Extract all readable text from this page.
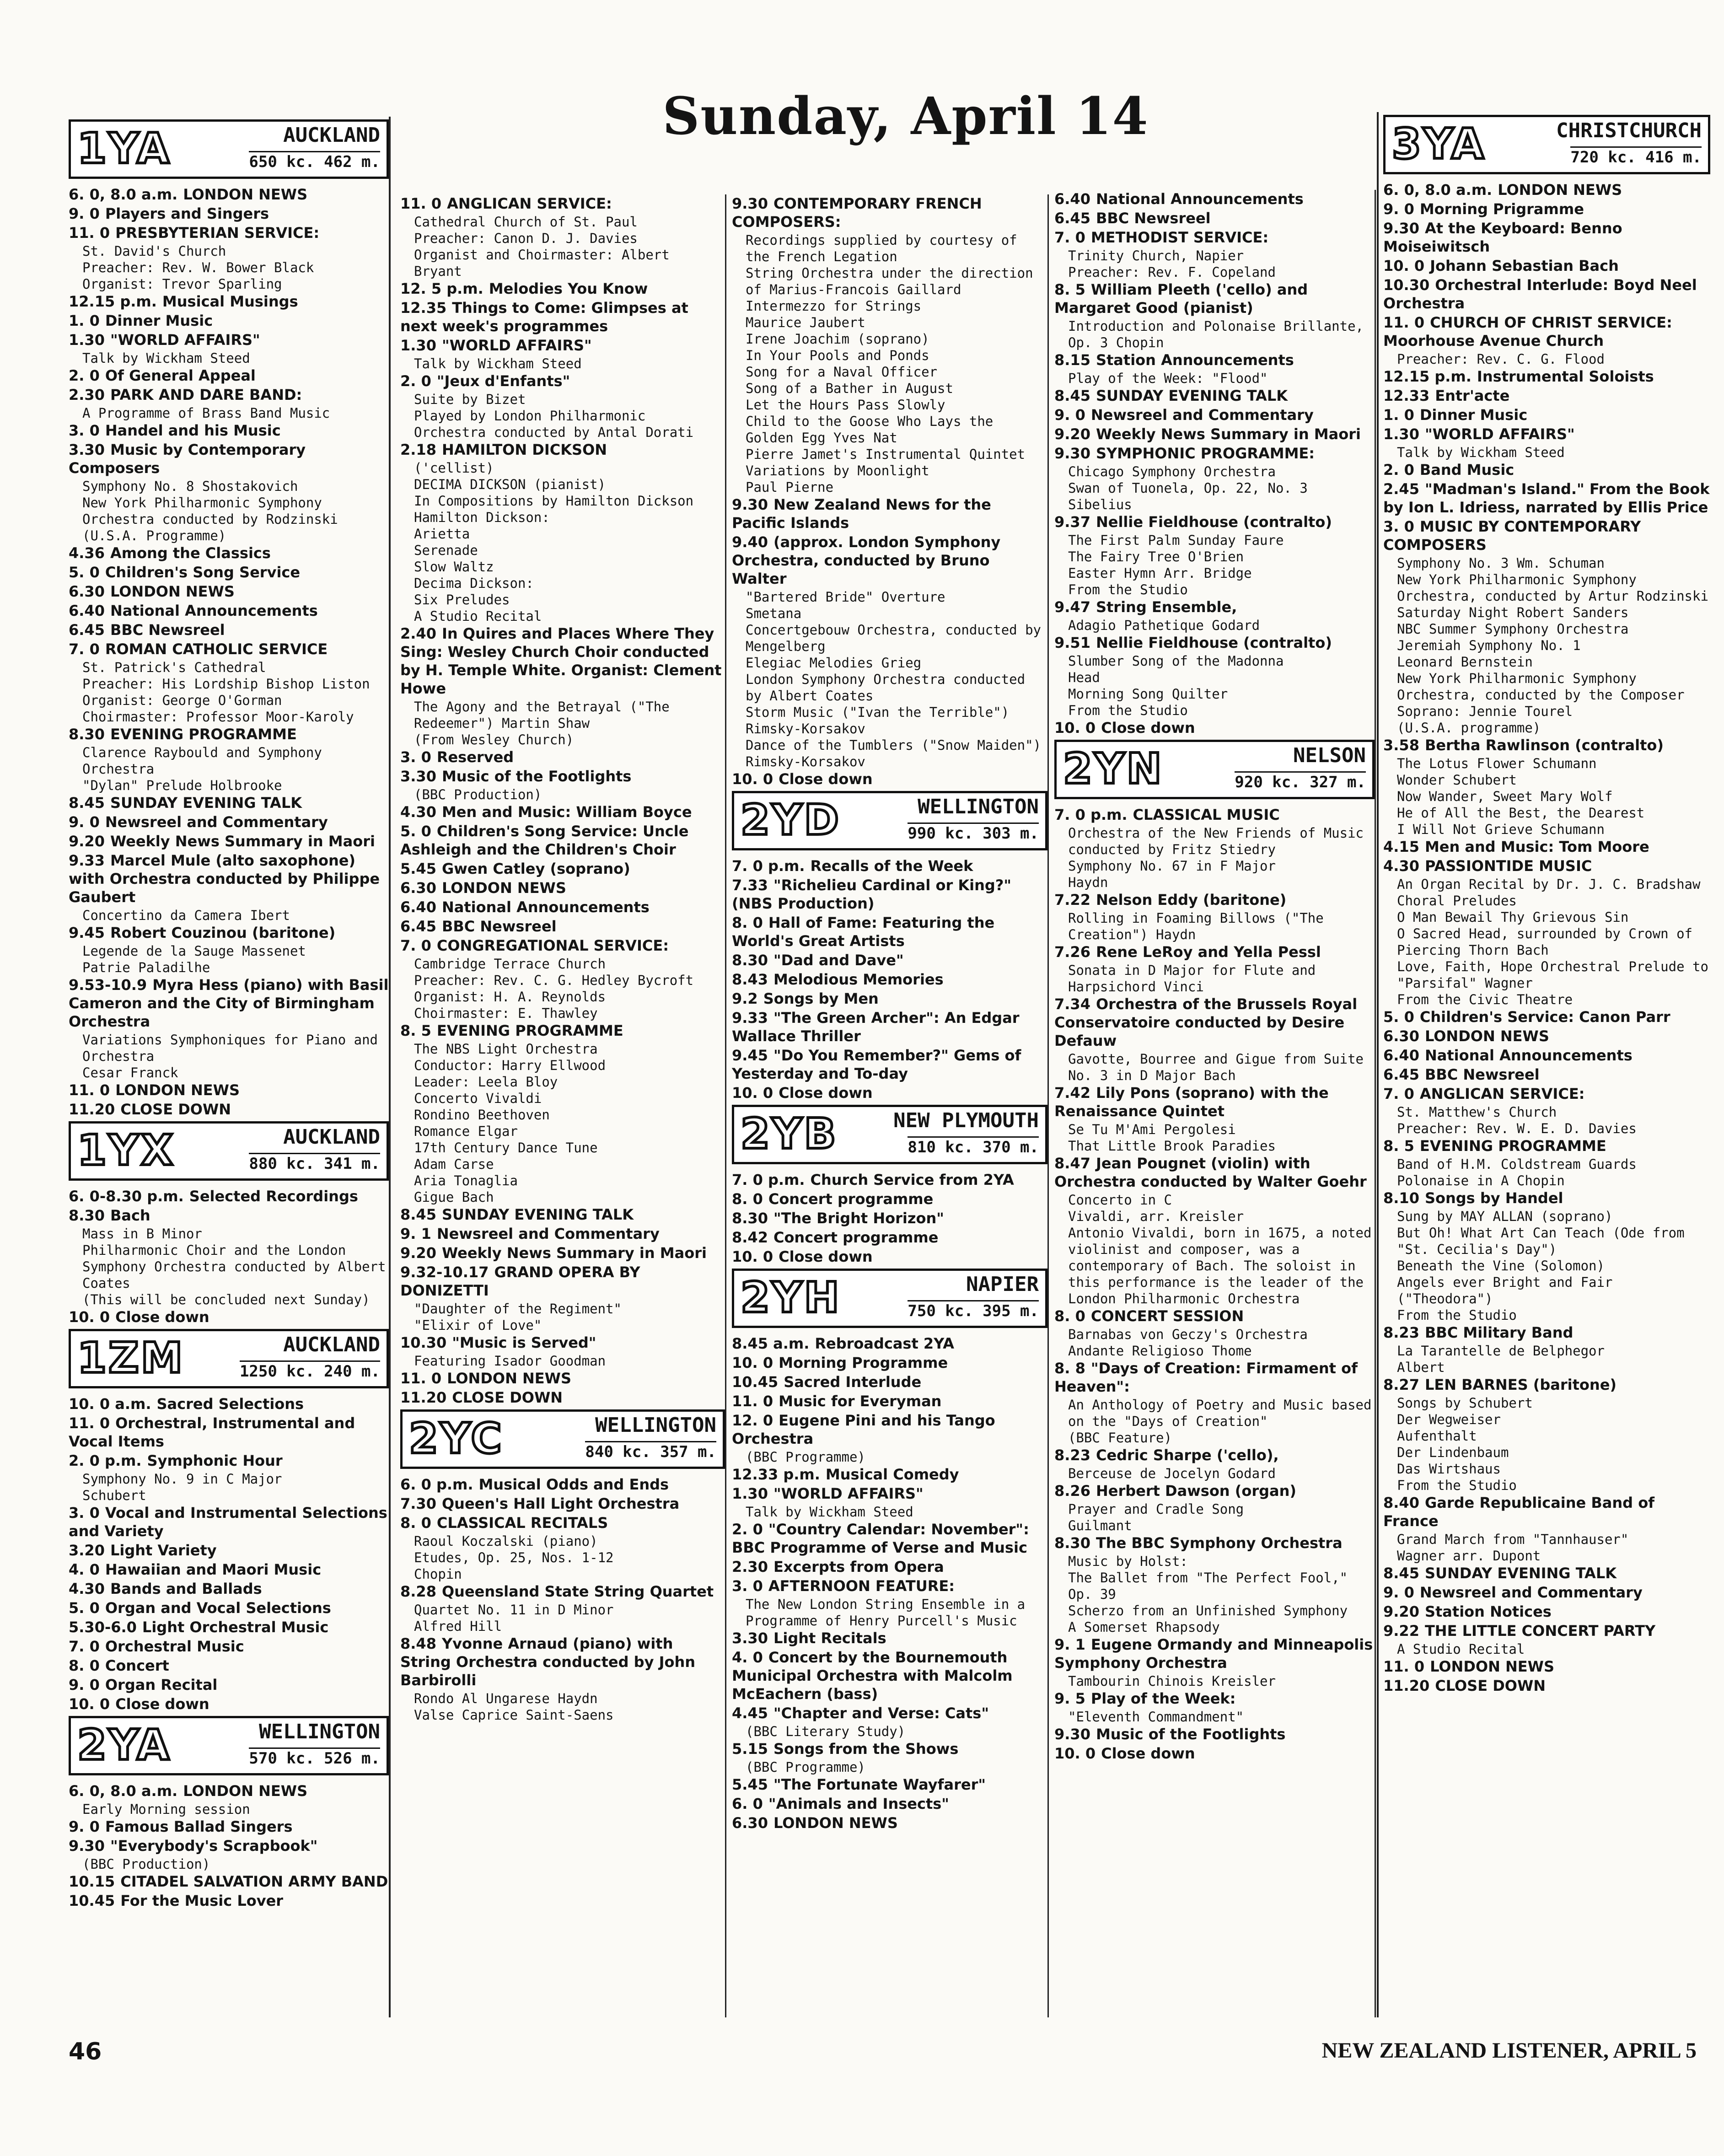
Sunday, April 14
1YA	AUCKLAND
650 kc. 462 m.
6. 0, 8.0 a.m. LONDON NEWS
9. 0 Players and Singers
11. 0 PRESBYTERIAN SERVICE:
St. David's Church
Preacher: Rev. W. Bower Black
Organist: Trevor Sparling
12.15 p.m. Musical Musings
1. 0 Dinner Music
1.30 "WORLD AFFAIRS"
Talk by Wickham Steed
2. 0 Of General Appeal
2.30 PARK AND DARE BAND:
A Programme of Brass Band Music
3. 0 Handel and his Music
3.30 Music by Contemporary Composers
Symphony No. 8 Shostakovich
New York Philharmonic Symphony Orchestra conducted by Rodzinski
(U.S.A. Programme)
4.36 Among the Classics
5. 0 Children's Song Service
6.30 LONDON NEWS
6.40 National Announcements
6.45 BBC Newsreel
7. 0 ROMAN CATHOLIC SERVICE
St. Patrick's Cathedral
Preacher: His Lordship Bishop Liston
Organist: George O'Gorman
Choirmaster: Professor Moor-Karoly
8.30 EVENING PROGRAMME
Clarence Raybould and Symphony Orchestra
"Dylan" Prelude Holbrooke
8.45 SUNDAY EVENING TALK
9. 0 Newsreel and Commentary
9.20 Weekly News Summary in Maori
9.33 Marcel Mule (alto saxophone) with Orchestra conducted by Philippe Gaubert
Concertino da Camera Ibert
9.45 Robert Couzinou (baritone)
Legende de la Sauge Massenet
Patrie Paladilhe
9.53-10.9 Myra Hess (piano) with Basil Cameron and the City of Birmingham Orchestra
Variations Symphoniques for Piano and Orchestra
Cesar Franck
11. 0 LONDON NEWS
11.20 CLOSE DOWN
1YX	AUCKLAND
880 kc. 341 m.
6. 0-8.30 p.m. Selected Recordings
8.30 Bach
Mass in B Minor
Philharmonic Choir and the London Symphony Orchestra conducted by Albert Coates
(This will be concluded next Sunday)
10. 0 Close down
1ZM	AUCKLAND
1250 kc. 240 m.
10. 0 a.m. Sacred Selections
11. 0 Orchestral, Instrumental and Vocal Items
2. 0 p.m. Symphonic Hour
Symphony No. 9 in C Major
Schubert
3. 0 Vocal and Instrumental Selections and Variety
3.20 Light Variety
4. 0 Hawaiian and Maori Music
4.30 Bands and Ballads
5. 0 Organ and Vocal Selections
5.30-6.0 Light Orchestral Music
7. 0 Orchestral Music
8. 0 Concert
9. 0 Organ Recital
10. 0 Close down
2YA	WELLINGTON
570 kc. 526 m.
6. 0, 8.0 a.m. LONDON NEWS
Early Morning session
9. 0 Famous Ballad Singers
9.30 "Everybody's Scrapbook"
(BBC Production)
10.15 CITADEL SALVATION ARMY BAND
10.45 For the Music Lover
11. 0 ANGLICAN SERVICE:
Cathedral Church of St. Paul
Preacher: Canon D. J. Davies
Organist and Choirmaster: Albert Bryant
12. 5 p.m. Melodies You Know
12.35 Things to Come: Glimpses at next week's programmes
1.30 "WORLD AFFAIRS"
Talk by Wickham Steed
2. 0 "Jeux d'Enfants"
Suite by Bizet
Played by London Philharmonic Orchestra conducted by Antal Dorati
2.18 HAMILTON DICKSON
('cellist)
DECIMA DICKSON (pianist)
In Compositions by Hamilton Dickson
Hamilton Dickson:
Arietta
Serenade
Slow Waltz
Decima Dickson:
Six Preludes
A Studio Recital
2.40 In Quires and Places Where They Sing: Wesley Church Choir conducted by H. Temple White. Organist: Clement Howe
The Agony and the Betrayal ("The Redeemer") Martin Shaw
(From Wesley Church)
3. 0 Reserved
3.30 Music of the Footlights
(BBC Production)
4.30 Men and Music: William Boyce
5. 0 Children's Song Service: Uncle Ashleigh and the Children's Choir
5.45 Gwen Catley (soprano)
6.30 LONDON NEWS
6.40 National Announcements
6.45 BBC Newsreel
7. 0 CONGREGATIONAL SERVICE:
Cambridge Terrace Church
Preacher: Rev. C. G. Hedley Bycroft
Organist: H. A. Reynolds
Choirmaster: E. Thawley
8. 5 EVENING PROGRAMME
The NBS Light Orchestra
Conductor: Harry Ellwood
Leader: Leela Bloy
Concerto Vivaldi
Rondino Beethoven
Romance Elgar
17th Century Dance Tune
Adam Carse
Aria Tonaglia
Gigue Bach
8.45 SUNDAY EVENING TALK
9. 1 Newsreel and Commentary
9.20 Weekly News Summary in Maori
9.32-10.17 GRAND OPERA BY DONIZETTI
"Daughter of the Regiment"
"Elixir of Love"
10.30 "Music is Served"
Featuring Isador Goodman
11. 0 LONDON NEWS
11.20 CLOSE DOWN
2YC	WELLINGTON
840 kc. 357 m.
6. 0 p.m. Musical Odds and Ends
7.30 Queen's Hall Light Orchestra
8. 0 CLASSICAL RECITALS
Raoul Koczalski (piano)
Etudes, Op. 25, Nos. 1-12
Chopin
8.28 Queensland State String Quartet
Quartet No. 11 in D Minor
Alfred Hill
8.48 Yvonne Arnaud (piano) with String Orchestra conducted by John Barbirolli
Rondo Al Ungarese Haydn
Valse Caprice Saint-Saens
9.30 CONTEMPORARY FRENCH COMPOSERS:
Recordings supplied by courtesy of the French Legation
String Orchestra under the direction of Marius-Francois Gaillard
Intermezzo for Strings
Maurice Jaubert
Irene Joachim (soprano)
In Your Pools and Ponds
Song for a Naval Officer
Song of a Bather in August
Let the Hours Pass Slowly
Child to the Goose Who Lays the Golden Egg Yves Nat
Pierre Jamet's Instrumental Quintet
Variations by Moonlight
Paul Pierne
9.30 New Zealand News for the Pacific Islands
9.40 (approx. London Symphony Orchestra, conducted by Bruno Walter
"Bartered Bride" Overture
Smetana
Concertgebouw Orchestra, conducted by Mengelberg
Elegiac Melodies Grieg
London Symphony Orchestra conducted by Albert Coates
Storm Music ("Ivan the Terrible") Rimsky-Korsakov
Dance of the Tumblers ("Snow Maiden") Rimsky-Korsakov
10. 0 Close down
2YD	WELLINGTON
990 kc. 303 m.
7. 0 p.m. Recalls of the Week
7.33 "Richelieu Cardinal or King?" (NBS Production)
8. 0 Hall of Fame: Featuring the World's Great Artists
8.30 "Dad and Dave"
8.43 Melodious Memories
9.2 Songs by Men
9.33 "The Green Archer": An Edgar Wallace Thriller
9.45 "Do You Remember?" Gems of Yesterday and To-day
10. 0 Close down
2YB	NEW PLYMOUTH
810 kc. 370 m.
7. 0 p.m. Church Service from 2YA
8. 0 Concert programme
8.30 "The Bright Horizon"
8.42 Concert programme
10. 0 Close down
2YH	NAPIER
750 kc. 395 m.
8.45 a.m. Rebroadcast 2YA
10. 0 Morning Programme
10.45 Sacred Interlude
11. 0 Music for Everyman
12. 0 Eugene Pini and his Tango Orchestra
(BBC Programme)
12.33 p.m. Musical Comedy
1.30 "WORLD AFFAIRS"
Talk by Wickham Steed
2. 0 "Country Calendar: November": BBC Programme of Verse and Music
2.30 Excerpts from Opera
3. 0 AFTERNOON FEATURE:
The New London String Ensemble in a Programme of Henry Purcell's Music
3.30 Light Recitals
4. 0 Concert by the Bournemouth Municipal Orchestra with Malcolm McEachern (bass)
4.45 "Chapter and Verse: Cats"
(BBC Literary Study)
5.15 Songs from the Shows
(BBC Programme)
5.45 "The Fortunate Wayfarer"
6. 0 "Animals and Insects"
6.30 LONDON NEWS
6.40 National Announcements
6.45 BBC Newsreel
7. 0 METHODIST SERVICE:
Trinity Church, Napier
Preacher: Rev. F. Copeland
8. 5 William Pleeth ('cello) and Margaret Good (pianist)
Introduction and Polonaise Brillante, Op. 3 Chopin
8.15 Station Announcements
Play of the Week: "Flood"
8.45 SUNDAY EVENING TALK
9. 0 Newsreel and Commentary
9.20 Weekly News Summary in Maori
9.30 SYMPHONIC PROGRAMME:
Chicago Symphony Orchestra
Swan of Tuonela, Op. 22, No. 3
Sibelius
9.37 Nellie Fieldhouse (contralto)
The First Palm Sunday Faure
The Fairy Tree O'Brien
Easter Hymn Arr. Bridge
From the Studio
9.47 String Ensemble,
Adagio Pathetique Godard
9.51 Nellie Fieldhouse (contralto)
Slumber Song of the Madonna
Head
Morning Song Quilter
From the Studio
10. 0 Close down
2YN	NELSON
920 kc. 327 m.
7. 0 p.m. CLASSICAL MUSIC
Orchestra of the New Friends of Music conducted by Fritz Stiedry
Symphony No. 67 in F Major
Haydn
7.22 Nelson Eddy (baritone)
Rolling in Foaming Billows ("The Creation") Haydn
7.26 Rene LeRoy and Yella Pessl
Sonata in D Major for Flute and Harpsichord Vinci
7.34 Orchestra of the Brussels Royal Conservatoire conducted by Desire Defauw
Gavotte, Bourree and Gigue from Suite No. 3 in D Major Bach
7.42 Lily Pons (soprano) with the Renaissance Quintet
Se Tu M'Ami Pergolesi
That Little Brook Paradies
8.47 Jean Pougnet (violin) with Orchestra conducted by Walter Goehr
Concerto in C
Vivaldi, arr. Kreisler
Antonio Vivaldi, born in 1675, a noted violinist and composer, was a contemporary of Bach. The soloist in this performance is the leader of the London Philharmonic Orchestra
8. 0 CONCERT SESSION
Barnabas von Geczy's Orchestra
Andante Religioso Thome
8. 8 "Days of Creation: Firmament of Heaven":
An Anthology of Poetry and Music based on the "Days of Creation"
(BBC Feature)
8.23 Cedric Sharpe ('cello),
Berceuse de Jocelyn Godard
8.26 Herbert Dawson (organ)
Prayer and Cradle Song
Guilmant
8.30 The BBC Symphony Orchestra
Music by Holst:
The Ballet from "The Perfect Fool," Op. 39
Scherzo from an Unfinished Symphony
A Somerset Rhapsody
9. 1 Eugene Ormandy and Minneapolis Symphony Orchestra
Tambourin Chinois Kreisler
9. 5 Play of the Week:
"Eleventh Commandment"
9.30 Music of the Footlights
10. 0 Close down
3YA	CHRISTCHURCH
720 kc. 416 m.
6. 0, 8.0 a.m. LONDON NEWS
9. 0 Morning Prigramme
9.30 At the Keyboard: Benno Moiseiwitsch
10. 0 Johann Sebastian Bach
10.30 Orchestral Interlude: Boyd Neel Orchestra
11. 0 CHURCH OF CHRIST SERVICE: Moorhouse Avenue Church
Preacher: Rev. C. G. Flood
12.15 p.m. Instrumental Soloists
12.33 Entr'acte
1. 0 Dinner Music
1.30 "WORLD AFFAIRS"
Talk by Wickham Steed
2. 0 Band Music
2.45 "Madman's Island." From the Book by Ion L. Idriess, narrated by Ellis Price
3. 0 MUSIC BY CONTEMPORARY COMPOSERS
Symphony No. 3 Wm. Schuman
New York Philharmonic Symphony Orchestra, conducted by Artur Rodzinski
Saturday Night Robert Sanders
NBC Summer Symphony Orchestra
Jeremiah Symphony No. 1
Leonard Bernstein
New York Philharmonic Symphony Orchestra, conducted by the Composer
Soprano: Jennie Tourel
(U.S.A. programme)
3.58 Bertha Rawlinson (contralto)
The Lotus Flower Schumann
Wonder Schubert
Now Wander, Sweet Mary Wolf
He of All the Best, the Dearest
I Will Not Grieve Schumann
4.15 Men and Music: Tom Moore
4.30 PASSIONTIDE MUSIC
An Organ Recital by Dr. J. C. Bradshaw
Choral Preludes
O Man Bewail Thy Grievous Sin
O Sacred Head, surrounded by Crown of Piercing Thorn Bach
Love, Faith, Hope Orchestral Prelude to "Parsifal" Wagner
From the Civic Theatre
5. 0 Children's Service: Canon Parr
6.30 LONDON NEWS
6.40 National Announcements
6.45 BBC Newsreel
7. 0 ANGLICAN SERVICE:
St. Matthew's Church
Preacher: Rev. W. E. D. Davies
8. 5 EVENING PROGRAMME
Band of H.M. Coldstream Guards
Polonaise in A Chopin
8.10 Songs by Handel
Sung by MAY ALLAN (soprano)
But Oh! What Art Can Teach (Ode from "St. Cecilia's Day")
Beneath the Vine (Solomon)
Angels ever Bright and Fair ("Theodora")
From the Studio
8.23 BBC Military Band
La Tarantelle de Belphegor
Albert
8.27 LEN BARNES (baritone)
Songs by Schubert
Der Wegweiser
Aufenthalt
Der Lindenbaum
Das Wirtshaus
From the Studio
8.40 Garde Republicaine Band of France
Grand March from "Tannhauser"
Wagner arr. Dupont
8.45 SUNDAY EVENING TALK
9. 0 Newsreel and Commentary
9.20 Station Notices
9.22 THE LITTLE CONCERT PARTY
A Studio Recital
11. 0 LONDON NEWS
11.20 CLOSE DOWN
46	NEW ZEALAND LISTENER, APRIL 5
